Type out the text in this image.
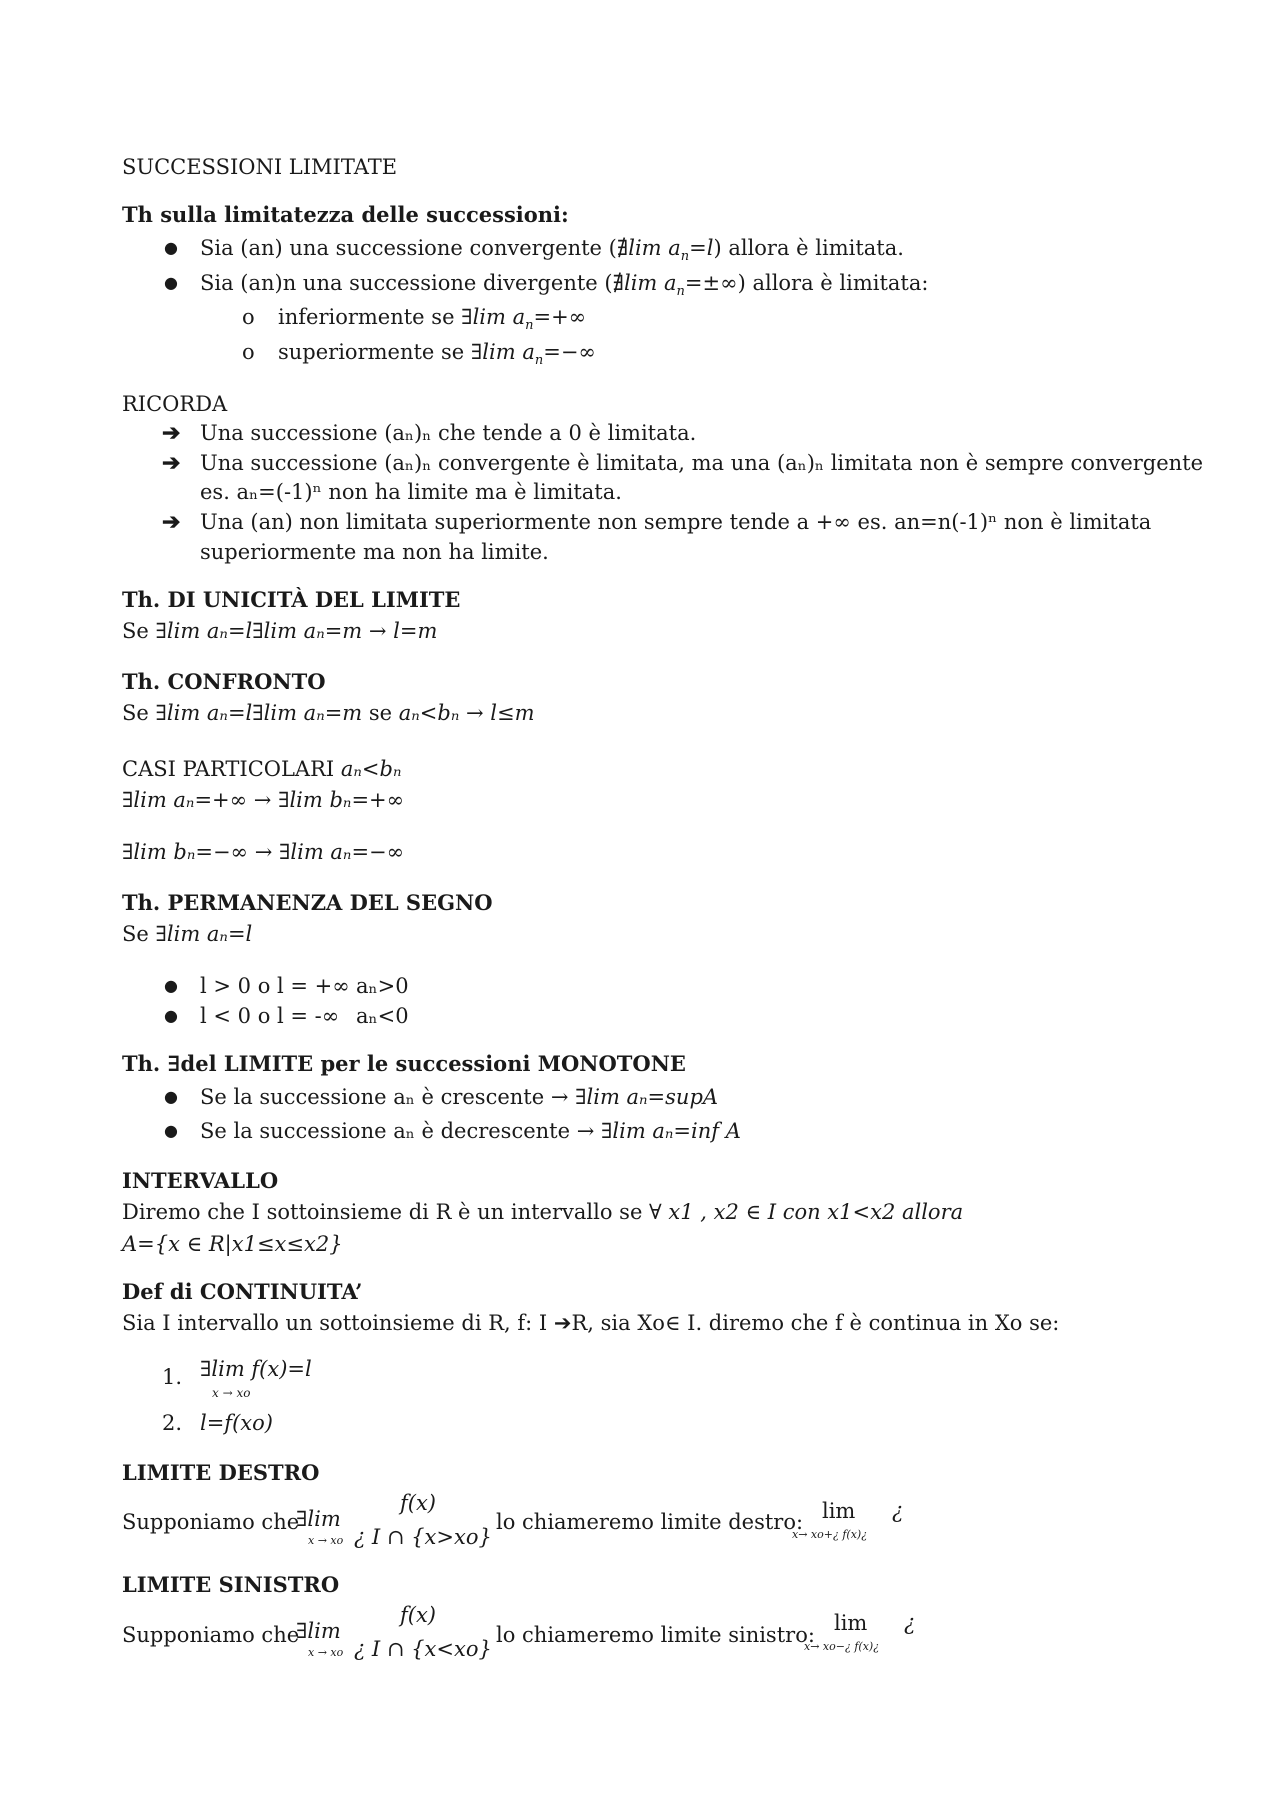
SUCCESSIONI LIMITATE
Th sulla limitatezza delle successioni:
● Sia (an) una successione convergente (∄lim $a_n=l$) allora è limitata.
● Sia (an)n una successione divergente (∄lim $a_n=\pm\infty$) allora è limitata:
o inferiormente se ∃lim $a_n=+\infty$
o superiormente se ∃lim $a_n=-\infty$
RICORDA
➔ Una successione (aₙ)ₙ che tende a 0 è limitata.
➔ Una successione (aₙ)ₙ convergente è limitata, ma una (aₙ)ₙ limitata non è sempre convergente
es. aₙ=(-1)ⁿ non ha limite ma è limitata.
➔ Una (an) non limitata superiormente non sempre tende a +∞ es. an=n(-1)ⁿ non è limitata
superiormente ma non ha limite.
Th. DI UNICITÀ DEL LIMITE
Se ∃lim aₙ=l∃lim aₙ=m → l=m
Th. CONFRONTO
Se ∃lim aₙ=l∃lim aₙ=m se aₙ<bₙ → l≤m
CASI PARTICOLARI aₙ<bₙ
∃lim aₙ=+∞ → ∃lim bₙ=+∞
∃lim bₙ=−∞ → ∃lim aₙ=−∞
Th. PERMANENZA DEL SEGNO
Se ∃lim aₙ=l
● l > 0 o l = +∞ aₙ>0
● l < 0 o l = -∞ aₙ<0
Th. ∃del LIMITE per le successioni MONOTONE
● Se la successione aₙ è crescente → ∃lim aₙ=supA
● Se la successione aₙ è decrescente → ∃lim aₙ=inf A
INTERVALLO
Diremo che I sottoinsieme di R è un intervallo se ∀ x1 , x2 ∈ I con x1<x2 allora
A={x ∈ R|x1≤x≤x2}
Def di CONTINUITA’
Sia I intervallo un sottoinsieme di R, f: I ➔R, sia Xo∈ I. diremo che f è continua in Xo se:
1. ∃lim f(x)=l
x → xo
2. l=f(xo)
LIMITE DESTRO
Supponiamo che
∃lim
x → xo
f(x)
¿ I ∩ {x>xo}
lo chiameremo limite destro: lim
x→ xo+¿ f(x)¿
¿
LIMITE SINISTRO
Supponiamo che
∃lim
x → xo
f(x)
¿ I ∩ {x<xo}
lo chiameremo limite sinistro: lim
x→ xo−¿ f(x)¿
¿
